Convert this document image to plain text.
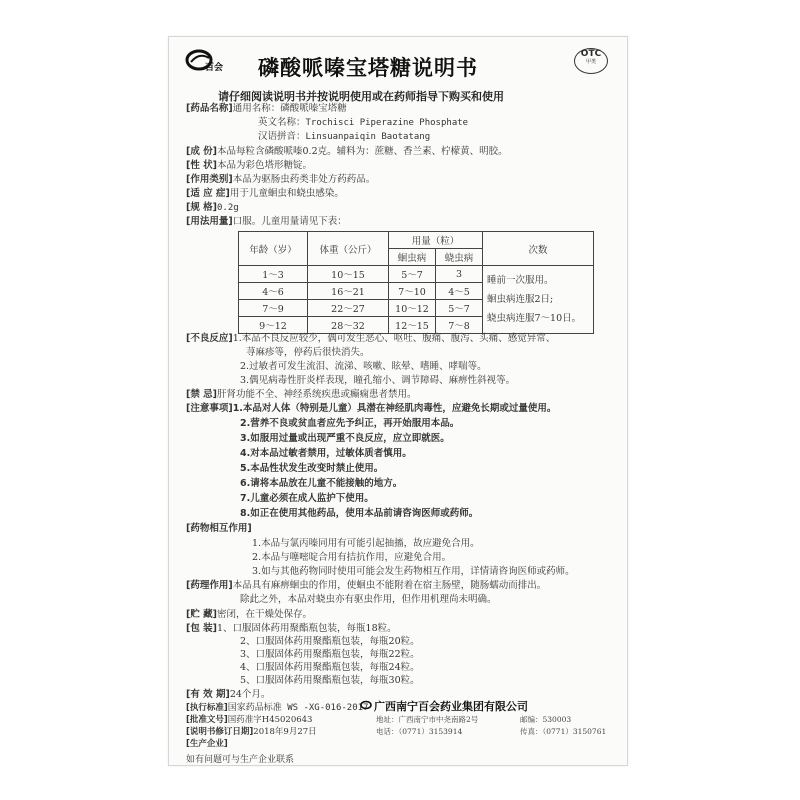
百会 磷酸哌嗪宝塔糖说明书
OTC
甲类
请仔细阅读说明书并按说明使用或在药师指导下购买和使用
[药品名称]通用名称：磷酸哌嗪宝塔糖
英文名称：Trochisci Piperazine Phosphate
汉语拼音：Linsuanpaiqin Baotatang
[成 份]本品每粒含磷酸哌嗪0.2克。辅料为：蔗糖、香兰素、柠檬黄、明胶。
[性 状]本品为彩色塔形糖锭。
[作用类别]本品为驱肠虫药类非处方药药品。
[适 应 症]用于儿童蛔虫和蛲虫感染。
[规 格]0.2g
[用法用量]口服。儿童用量请见下表：
年龄（岁）	体重（公斤）	用量（粒）		次数
		蛔虫病	蛲虫病	
1～3	10～15	5～7	3	睡前一次服用。
蛔虫病连服2日;
蛲虫病连服7～10日。

4～6	16～21	7～10	4～5	
7～9	22～27	10～12	5～7	
9～12	28～32	12～15	7～8	
[不良反应]1.本品不良反应较少，偶可发生恶心、呕吐、腹痛、腹泻、头痛、感觉异常、
荨麻疹等，停药后很快消失。
2.过敏者可发生流泪、流涕、咳嗽、眩晕、嗜睡、哮喘等。
3.偶见病毒性肝炎样表现，瞳孔缩小、调节障碍、麻痹性斜视等。
[禁 忌]肝肾功能不全、神经系统疾患或癫痫患者禁用。
[注意事项]1.本品对人体（特别是儿童）具潜在神经肌肉毒性，应避免长期或过量使用。
2.营养不良或贫血者应先予纠正，再开始服用本品。
3.如服用过量或出现严重不良反应，应立即就医。
4.对本品过敏者禁用，过敏体质者慎用。
5.本品性状发生改变时禁止使用。
6.请将本品放在儿童不能接触的地方。
7.儿童必须在成人监护下使用。
8.如正在使用其他药品，使用本品前请咨询医师或药师。
[药物相互作用]
1.本品与氯丙嗪同用有可能引起抽搐，故应避免合用。
2.本品与噻嘧啶合用有拮抗作用，应避免合用。
3.如与其他药物同时使用可能会发生药物相互作用，详情请咨询医师或药师。
[药理作用]本品具有麻痹蛔虫的作用，使蛔虫不能附着在宿主肠壁，随肠蠕动而排出。
除此之外，本品对蛲虫亦有驱虫作用，但作用机理尚未明确。
[贮 藏]密闭，在干燥处保存。
[包 装]1、口服固体药用聚酯瓶包装，每瓶18粒。
2、口服固体药用聚酯瓶包装，每瓶20粒。
3、口服固体药用聚酯瓶包装，每瓶22粒。
4、口服固体药用聚酯瓶包装，每瓶24粒。
5、口服固体药用聚酯瓶包装，每瓶30粒。
[有 效 期]24个月。
[执行标准]国家药品标准 WS -XG-016-2017
[批准文号]国药准字H45020643
[说明书修订日期]2018年9月27日
[生产企业]
广西南宁百会药业集团有限公司
地址：广西南宁市中尧南路2号	邮编：530003
电话：（0771）3153914	传真：（0771）3150761
如有问题可与生产企业联系
